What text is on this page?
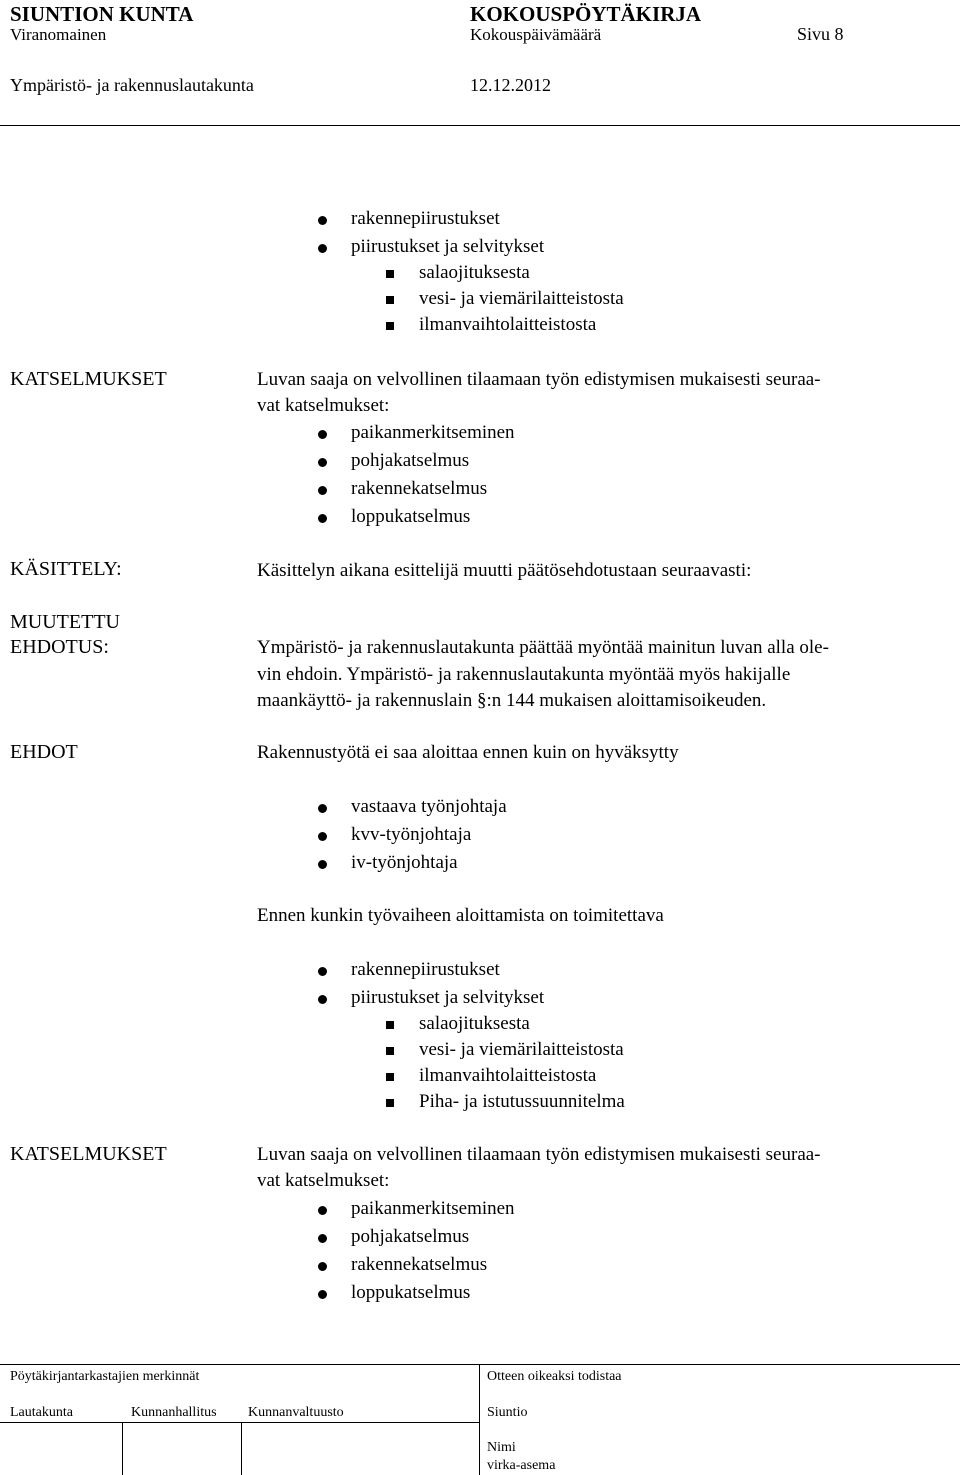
SIUNTION KUNTA	KOKOUSPÖYTÄKIRJA
Viranomainen	Kokouspäivämäärä	Sivu 8
Ympäristö- ja rakennuslautakunta	12.12.2012
rakennepiirustukset
piirustukset ja selvitykset
salaojituksesta
vesi- ja viemärilaitteistosta
ilmanvaihtolaitteistosta
KATSELMUKSET	Luvan saaja on velvollinen tilaamaan työn edistymisen mukaisesti seuraa-
vat katselmukset:
paikanmerkitseminen
pohjakatselmus
rakennekatselmus
loppukatselmus
KÄSITTELY:	Käsittelyn aikana esittelijä muutti päätösehdotustaan seuraavasti:
MUUTETTU
EHDOTUS:	Ympäristö- ja rakennuslautakunta päättää myöntää mainitun luvan alla ole-
vin ehdoin. Ympäristö- ja rakennuslautakunta myöntää myös hakijalle
maankäyttö- ja rakennuslain §:n 144 mukaisen aloittamisoikeuden.
EHDOT	Rakennustyötä ei saa aloittaa ennen kuin on hyväksytty
vastaava työnjohtaja
kvv-työnjohtaja
iv-työnjohtaja
Ennen kunkin työvaiheen aloittamista on toimitettava
rakennepiirustukset
piirustukset ja selvitykset
salaojituksesta
vesi- ja viemärilaitteistosta
ilmanvaihtolaitteistosta
Piha- ja istutussuunnitelma
KATSELMUKSET	Luvan saaja on velvollinen tilaamaan työn edistymisen mukaisesti seuraa-
vat katselmukset:
paikanmerkitseminen
pohjakatselmus
rakennekatselmus
loppukatselmus
Pöytäkirjantarkastajien merkinnät	Otteen oikeaksi todistaa
Lautakunta	Kunnanhallitus Kunnanvaltuusto	Siuntio
Nimi
virka-asema
